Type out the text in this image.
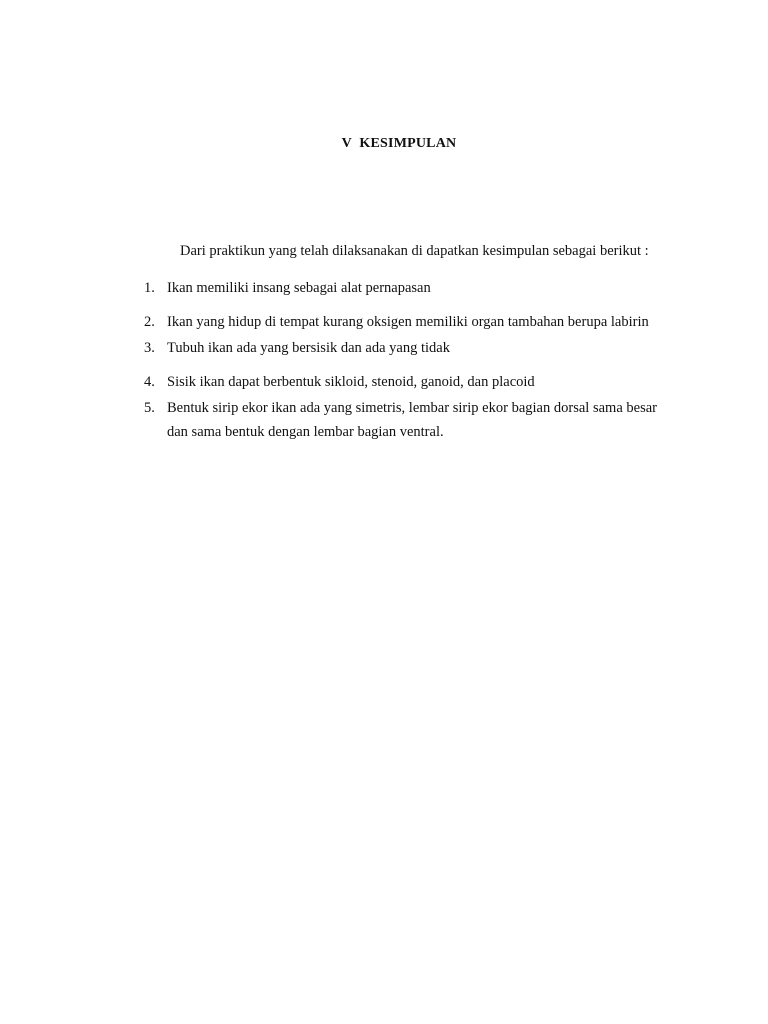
V KESIMPULAN

Dari praktikun yang telah dilaksanakan di dapatkan kesimpulan sebagai berikut :

1. Ikan memiliki insang sebagai alat pernapasan
2. Ikan yang hidup di tempat kurang oksigen memiliki organ tambahan berupa labirin
3. Tubuh ikan ada yang bersisik dan ada yang tidak
4. Sisik ikan dapat berbentuk sikloid, stenoid, ganoid, dan placoid
5. Bentuk sirip ekor ikan ada yang simetris, lembar sirip ekor bagian dorsal sama besar dan sama bentuk dengan lembar bagian ventral.
